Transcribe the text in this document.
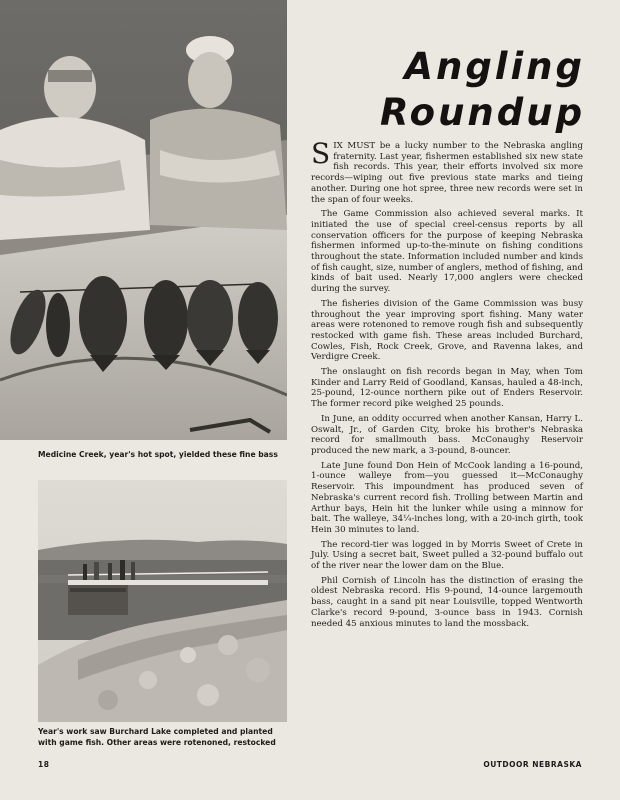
Medicine Creek, year's hot spot, yielded these fine bass

Year's work saw Burchard Lake completed and planted with game fish. Other areas were rotenoned, restocked

Angling
Roundup

SIX MUST be a lucky number to the Nebraska angling fraternity. Last year, fishermen established six new state fish records. This year, their efforts involved six more records—wiping out five previous state marks and tieing another. During one hot spree, three new records were set in the span of four weeks.

The Game Commission also achieved several marks. It initiated the use of special creel-census reports by all conservation officers for the purpose of keeping Nebraska fishermen informed up-to-the-minute on fishing conditions throughout the state. Information included number and kinds of fish caught, size, number of anglers, method of fishing, and kinds of bait used. Nearly 17,000 anglers were checked during the survey.

The fisheries division of the Game Commission was busy throughout the year improving sport fishing. Many water areas were rotenoned to remove rough fish and subsequently restocked with game fish. These areas included Burchard, Cowles, Fish, Rock Creek, Grove, and Ravenna lakes, and Verdigre Creek.

The onslaught on fish records began in May, when Tom Kinder and Larry Reid of Goodland, Kansas, hauled a 48-inch, 25-pound, 12-ounce northern pike out of Enders Reservoir. The former record pike weighed 25 pounds.

In June, an oddity occurred when another Kansan, Harry L. Oswalt, Jr., of Garden City, broke his brother's Nebraska record for smallmouth bass. McConaughy Reservoir produced the new mark, a 3-pound, 8-ouncer.

Late June found Don Hein of McCook landing a 16-pound, 1-ounce walleye from—you guessed it—McConaughy Reservoir. This impoundment has produced seven of Nebraska's current record fish. Trolling between Martin and Arthur bays, Hein hit the lunker while using a minnow for bait. The walleye, 34¼-inches long, with a 20-inch girth, took Hein 30 minutes to land.

The record-tier was logged in by Morris Sweet of Crete in July. Using a secret bait, Sweet pulled a 32-pound buffalo out of the river near the lower dam on the Blue.

Phil Cornish of Lincoln has the distinction of erasing the oldest Nebraska record. His 9-pound, 14-ounce largemouth bass, caught in a sand pit near Louisville, topped Wentworth Clarke's record 9-pound, 3-ounce bass in 1943. Cornish needed 45 anxious minutes to land the mossback.

18	OUTDOOR NEBRASKA
